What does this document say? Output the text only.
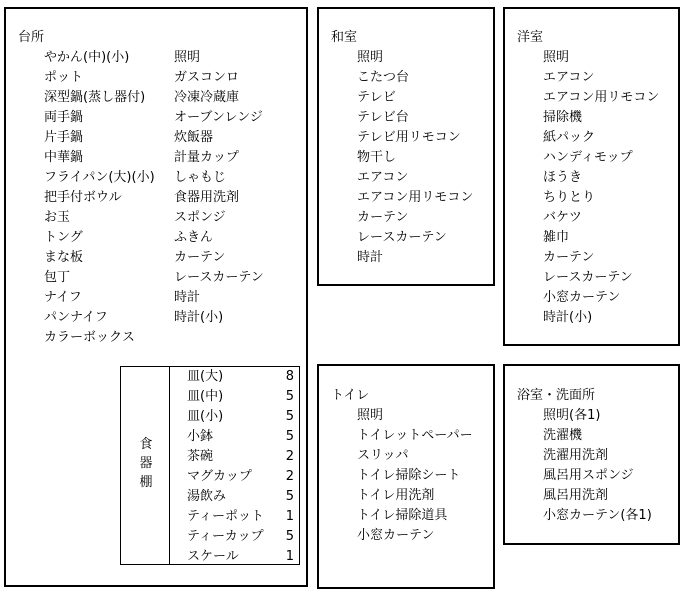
台所
やかん(中)(小)
ポット
深型鍋(蒸し器付)
両手鍋
片手鍋
中華鍋
フライパン(大)(小)
把手付ボウル
お玉
トング
まな板
包丁
ナイフ
パンナイフ
カラーボックス
照明
ガスコンロ
冷凍冷蔵庫
オーブンレンジ
炊飯器
計量カップ
しゃもじ
食器用洗剤
スポンジ
ふきん
カーテン
レースカーテン
時計
時計(小)
食器棚
皿(大)	8
皿(中)	5
皿(小)	5
小鉢	5
茶碗	2
マグカップ	2
湯飲み	5
ティーポット 1
ティーカップ 5
スケール	1
和室
照明
こたつ台
テレビ
テレビ台
テレビ用リモコン
物干し
エアコン
エアコン用リモコン
カーテン
レースカーテン
時計
洋室
照明
エアコン
エアコン用リモコン
掃除機
紙パック
ハンディモップ
ほうき
ちりとり
バケツ
雑巾
カーテン
レースカーテン
小窓カーテン
時計(小)
トイレ
照明
トイレットペーパー
スリッパ
トイレ掃除シート
トイレ用洗剤
トイレ掃除道具
小窓カーテン
浴室・洗面所
照明(各1)
洗濯機
洗濯用洗剤
風呂用スポンジ
風呂用洗剤
小窓カーテン(各1)
